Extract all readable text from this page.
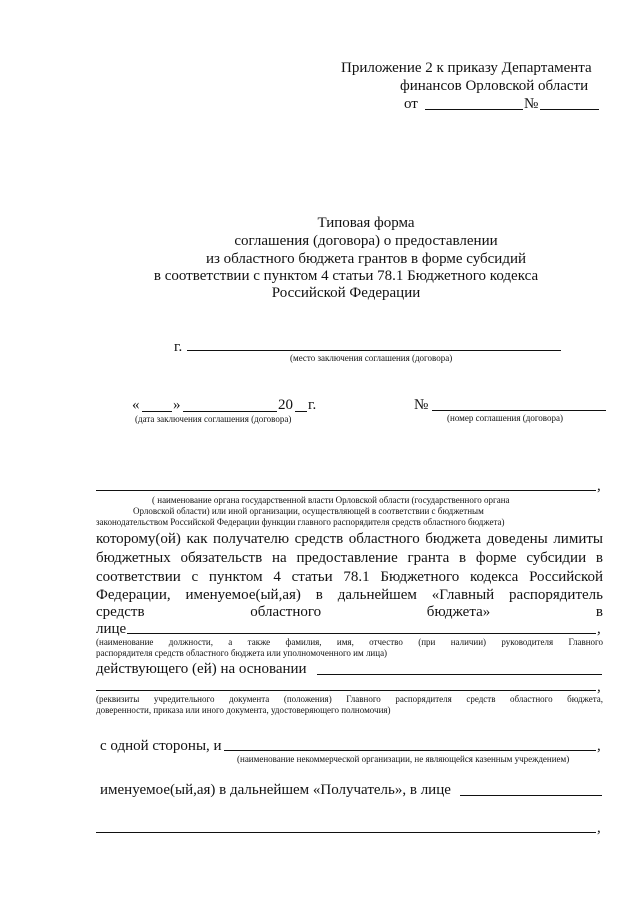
Приложение 2 к приказу Департамента
финансов Орловской области
от	№
Типовая форма
соглашения (договора) о предоставлении
из областного бюджета грантов в форме субсидий
в соответствии с пунктом 4 статьи 78.1 Бюджетного кодекса
Российской Федерации
г.
(место заключения соглашения (договора)
« »	20 г.
(дата заключения соглашения (договора)
№
(номер соглашения (договора)
,
( наименование органа государственной власти Орловской области (государственного органа
Орловской области) или иной организации, осуществляющей в соответствии с бюджетным
законодательством Российской Федерации функции главного распорядителя средств областного бюджета)
которому(ой) как получателю средств областного бюджета доведены лимиты
бюджетных обязательств на предоставление гранта в форме субсидии в
соответствии с пунктом 4 статьи 78.1 Бюджетного кодекса Российской
Федерации, именуемое(ый,ая) в дальнейшем «Главный распорядитель
средств областного бюджета» в
лице	,
(наименование должности, а также фамилия, имя, отчество (при наличии) руководителя Главного
распорядителя средств областного бюджета или уполномоченного им лица)
действующего (ей) на основании
,
(реквизиты учредительного документа (положения) Главного распорядителя средств областного бюджета,
доверенности, приказа или иного документа, удостоверяющего полномочия)
с одной стороны, и	,
(наименование некоммерческой организации, не являющейся казенным учреждением)
именуемое(ый,ая) в дальнейшем «Получатель», в лице
,
